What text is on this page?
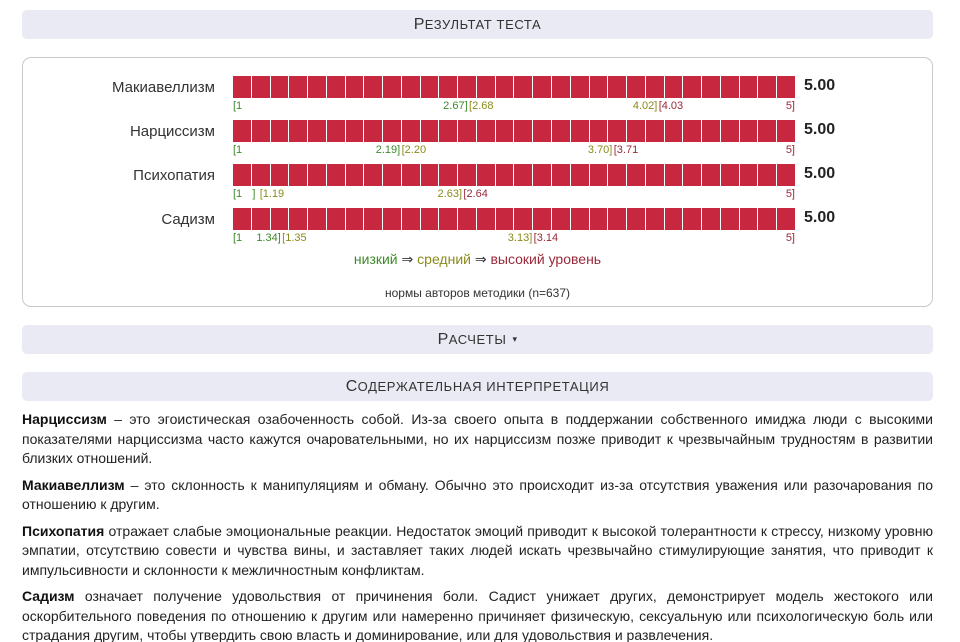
Р ЕЗУЛЬТАТ ТЕСТА
низкий ⇒ средний ⇒ высокий уровень
нормы авторов методики (n=637)
Макиавеллизм	5.00
[1	2.67] [2.68	4.02] [4.03	5]
Нарциссизм	5.00
[1	2.19] [2.20	3.70] [3.71	5]
Психопатия	5.00
[1 ] [1.19	2.63] [2.64	5]
Садизм	5.00
[1 1.34] [1.35	3.13] [3.14	5]
Р АСЧЕТЫ ▾
С ОДЕРЖАТЕЛЬНАЯ ИНТЕРПРЕТАЦИЯ

Нарциссизм – это эгоистическая озабоченность собой. Из-за своего опыта в поддержании собственного имиджа люди с высокими показателями нарциссизма часто кажутся очаровательными, но их нарциссизм позже приводит к чрезвычайным трудностям в развитии близких отношений.

Макиавеллизм – это склонность к манипуляциям и обману. Обычно это происходит из-за отсутствия уважения или разочарования по отношению к другим.

Психопатия отражает слабые эмоциональные реакции. Недостаток эмоций приводит к высокой толерантности к стрессу, низкому уровню эмпатии, отсутствию совести и чувства вины, и заставляет таких людей искать чрезвычайно стимулирующие занятия, что приводит к импульсивности и склонности к межличностным конфликтам.

Садизм означает получение удовольствия от причинения боли. Садист унижает других, демонстрирует модель жестокого или оскорбительного поведения по отношению к другим или намеренно причиняет физическую, сексуальную или психологическую боль или страдания другим, чтобы утвердить свою власть и доминирование, или для удовольствия и развлечения.
